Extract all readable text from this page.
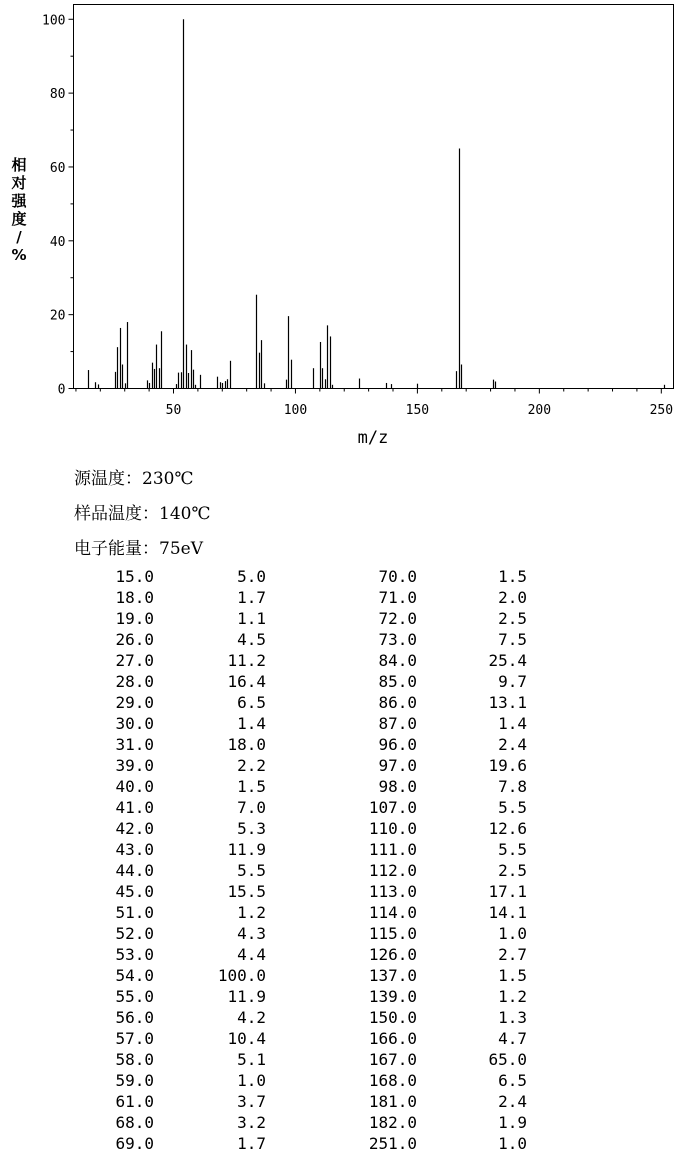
0
20
40
60
80
100
50	100	150	200	250
m/z
相对强度/ %
源温度：230℃
样品温度：140℃
电子能量：75eV
15.0	5.0	70.0	1.5
18.0	1.7	71.0	2.0
19.0	1.1	72.0	2.5
26.0	4.5	73.0	7.5
27.0	11.2	84.0	25.4
28.0	16.4	85.0	9.7
29.0	6.5	86.0	13.1
30.0	1.4	87.0	1.4
31.0	18.0	96.0	2.4
39.0	2.2	97.0	19.6
40.0	1.5	98.0	7.8
41.0	7.0	107.0	5.5
42.0	5.3	110.0	12.6
43.0	11.9	111.0	5.5
44.0	5.5	112.0	2.5
45.0	15.5	113.0	17.1
51.0	1.2	114.0	14.1
52.0	4.3	115.0	1.0
53.0	4.4	126.0	2.7
54.0	100.0	137.0	1.5
55.0	11.9	139.0	1.2
56.0	4.2	150.0	1.3
57.0	10.4	166.0	4.7
58.0	5.1	167.0	65.0
59.0	1.0	168.0	6.5
61.0	3.7	181.0	2.4
68.0	3.2	182.0	1.9
69.0	1.7	251.0	1.0
